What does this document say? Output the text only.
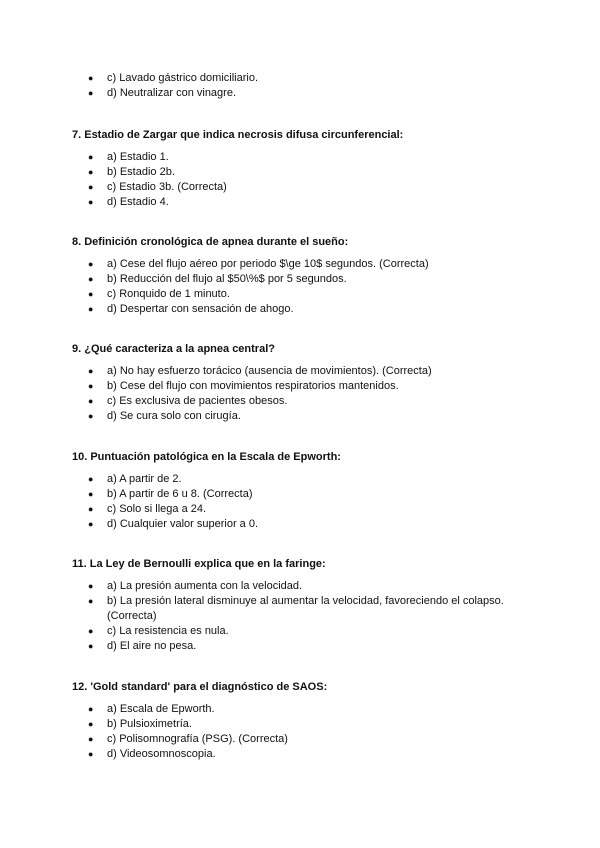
● c) Lavado gástrico domiciliario.
● d) Neutralizar con vinagre.
7. Estadio de Zargar que indica necrosis difusa circunferencial:
● a) Estadio 1.
● b) Estadio 2b.
● c) Estadio 3b. (Correcta)
● d) Estadio 4.
8. Definición cronológica de apnea durante el sueño:
● a) Cese del flujo aéreo por periodo $\ge 10$ segundos. (Correcta)
● b) Reducción del flujo al $50\%$ por 5 segundos.
● c) Ronquido de 1 minuto.
● d) Despertar con sensación de ahogo.
9. ¿Qué caracteriza a la apnea central?
● a) No hay esfuerzo torácico (ausencia de movimientos). (Correcta)
● b) Cese del flujo con movimientos respiratorios mantenidos.
● c) Es exclusiva de pacientes obesos.
● d) Se cura solo con cirugía.
10. Puntuación patológica en la Escala de Epworth:
● a) A partir de 2.
● b) A partir de 6 u 8. (Correcta)
● c) Solo si llega a 24.
● d) Cualquier valor superior a 0.
11. La Ley de Bernoulli explica que en la faringe:
● a) La presión aumenta con la velocidad.
● b) La presión lateral disminuye al aumentar la velocidad, favoreciendo el colapso. (Correcta)
● c) La resistencia es nula.
● d) El aire no pesa.
12. 'Gold standard' para el diagnóstico de SAOS:
● a) Escala de Epworth.
● b) Pulsioximetría.
● c) Polisomnografía (PSG). (Correcta)
● d) Videosomnoscopia.
